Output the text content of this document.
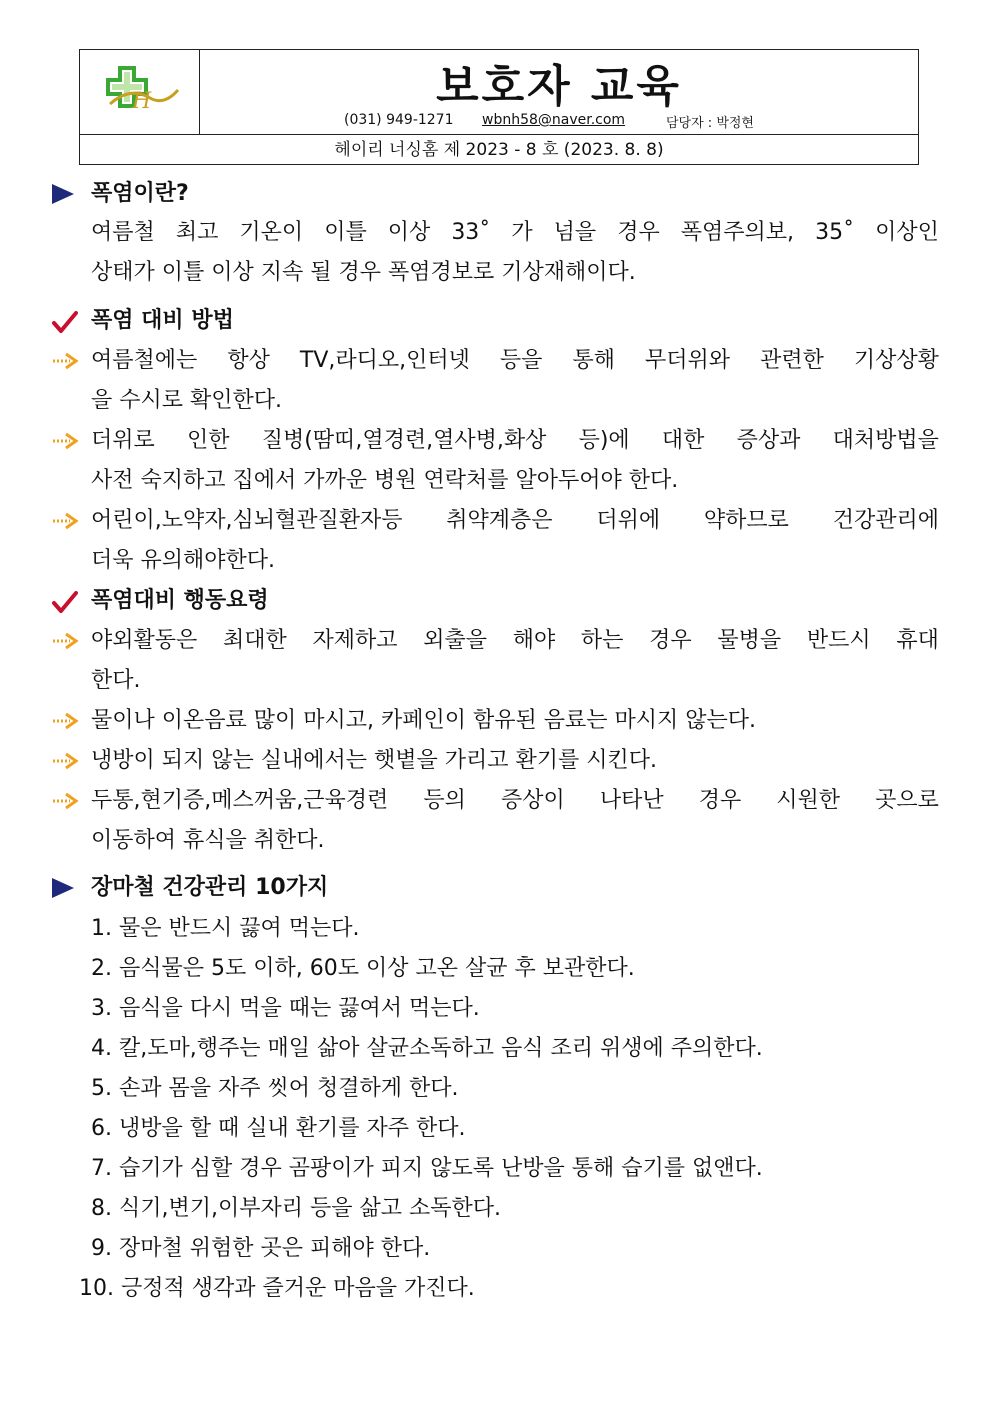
H	보호자 교육
(031) 949-1271 wbnh58@naver.com	담당자 : 박정현
헤이리 너싱홈 제 2023 - 8 호 (2023. 8. 8)
폭염이란?
여름철 최고 기온이 이틀 이상 33˚ 가 넘을 경우 폭염주의보, 35˚ 이상인
상태가 이틀 이상 지속 될 경우 폭염경보로 기상재해이다.
폭염 대비 방법
여름철에는 항상 TV,라디오,인터넷 등을 통해 무더위와 관련한 기상상황
을 수시로 확인한다.
더위로 인한 질병(땀띠,열경련,열사병,화상 등)에 대한 증상과 대처방법을
사전 숙지하고 집에서 가까운 병원 연락처를 알아두어야 한다.
어린이,노약자,심뇌혈관질환자등 취약계층은 더위에 약하므로 건강관리에
더욱 유의해야한다.
폭염대비 행동요령
야외활동은 최대한 자제하고 외출을 해야 하는 경우 물병을 반드시 휴대
한다.
물이나 이온음료 많이 마시고, 카페인이 함유된 음료는 마시지 않는다.
냉방이 되지 않는 실내에서는 햇볕을 가리고 환기를 시킨다.
두통,현기증,메스꺼움,근육경련 등의 증상이 나타난 경우 시원한 곳으로
이동하여 휴식을 취한다.
장마철 건강관리 10가지
1. 물은 반드시 끓여 먹는다.
2. 음식물은 5도 이하, 60도 이상 고온 살균 후 보관한다.
3. 음식을 다시 먹을 때는 끓여서 먹는다.
4. 칼,도마,행주는 매일 삶아 살균소독하고 음식 조리 위생에 주의한다.
5. 손과 몸을 자주 씻어 청결하게 한다.
6. 냉방을 할 때 실내 환기를 자주 한다.
7. 습기가 심할 경우 곰팡이가 피지 않도록 난방을 통해 습기를 없앤다.
8. 식기,변기,이부자리 등을 삶고 소독한다.
9. 장마철 위험한 곳은 피해야 한다.
10. 긍정적 생각과 즐거운 마음을 가진다.
